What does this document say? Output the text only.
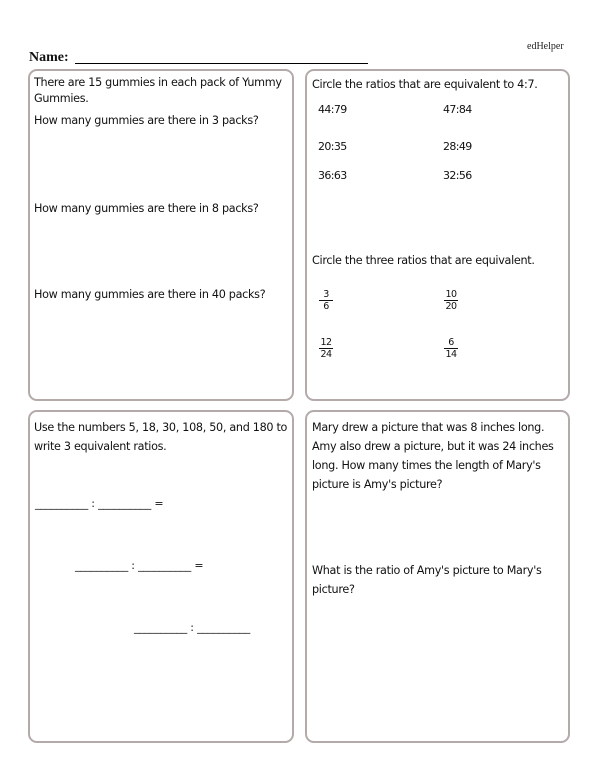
edHelper
Name:
There are 15 gummies in each pack of Yummy Gummies.
How many gummies are there in 3 packs?
How many gummies are there in 8 packs?
How many gummies are there in 40 packs?
Circle the ratios that are equivalent to 4:7.
44:79	47:84
20:35	28:49
36:63	32:56
Circle the three ratios that are equivalent.
$\frac{3}{6}$	$\frac{10}{20}$
$\frac{12}{24}$	$\frac{6}{14}$
Use the numbers 5, 18, 30, 108, 50, and 180 to write 3 equivalent ratios.
__________ : __________ =
__________ : __________ =
__________ : __________
Mary drew a picture that was 8 inches long. Amy also drew a picture, but it was 24 inches long. How many times the length of Mary's picture is Amy's picture?
What is the ratio of Amy's picture to Mary's picture?
